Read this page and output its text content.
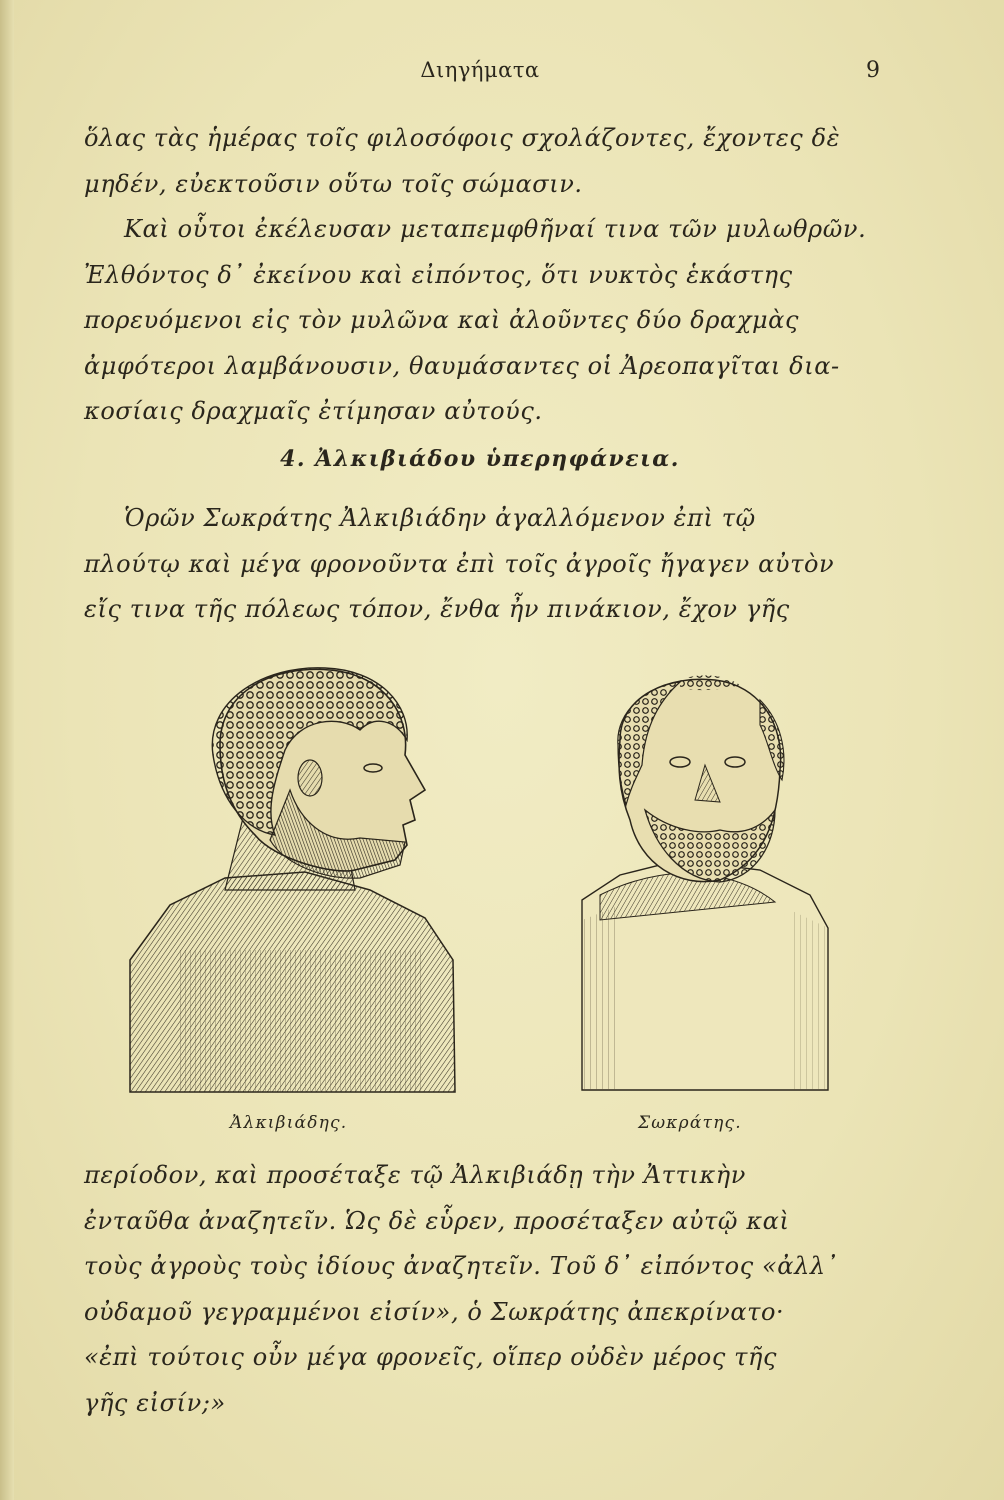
Διηγήματα	9
ὅλας τὰς ἡμέρας τοῖς φιλοσόφοις σχολάζοντες, ἔχοντες δὲ
μηδέν, εὐεκτοῦσιν οὕτω τοῖς σώμασιν.
Καὶ οὗτοι ἐκέλευσαν μεταπεμφθῆναί τινα τῶν μυλωθρῶν.
Ἐλθόντος δ᾽ ἐκείνου καὶ εἰπόντος, ὅτι νυκτὸς ἑκάστης
πορευόμενοι εἰς τὸν μυλῶνα καὶ ἀλοῦντες δύο δραχμὰς
ἀμφότεροι λαμβάνουσιν, θαυμάσαντες οἱ Ἀρεοπαγῖται δια-
κοσίαις δραχμαῖς ἐτίμησαν αὐτούς.
4. Ἀλκιβιάδου ὑπερηφάνεια.
Ὁρῶν Σωκράτης Ἀλκιβιάδην ἀγαλλόμενον ἐπὶ τῷ
πλούτῳ καὶ μέγα φρονοῦντα ἐπὶ τοῖς ἀγροῖς ἤγαγεν αὐτὸν
εἴς τινα τῆς πόλεως τόπον, ἔνθα ἦν πινάκιον, ἔχον γῆς
Ἀλκιβιάδης.	Σωκράτης.
περίοδον, καὶ προσέταξε τῷ Ἀλκιβιάδῃ τὴν Ἀττικὴν
ἐνταῦθα ἀναζητεῖν. Ὡς δὲ εὗρεν, προσέταξεν αὐτῷ καὶ
τοὺς ἀγροὺς τοὺς ἰδίους ἀναζητεῖν. Τοῦ δ᾽ εἰπόντος «ἀλλ᾽
οὐδαμοῦ γεγραμμένοι εἰσίν», ὁ Σωκράτης ἀπεκρίνατο·
«ἐπὶ τούτοις οὖν μέγα φρονεῖς, οἵπερ οὐδὲν μέρος τῆς
γῆς εἰσίν;»
